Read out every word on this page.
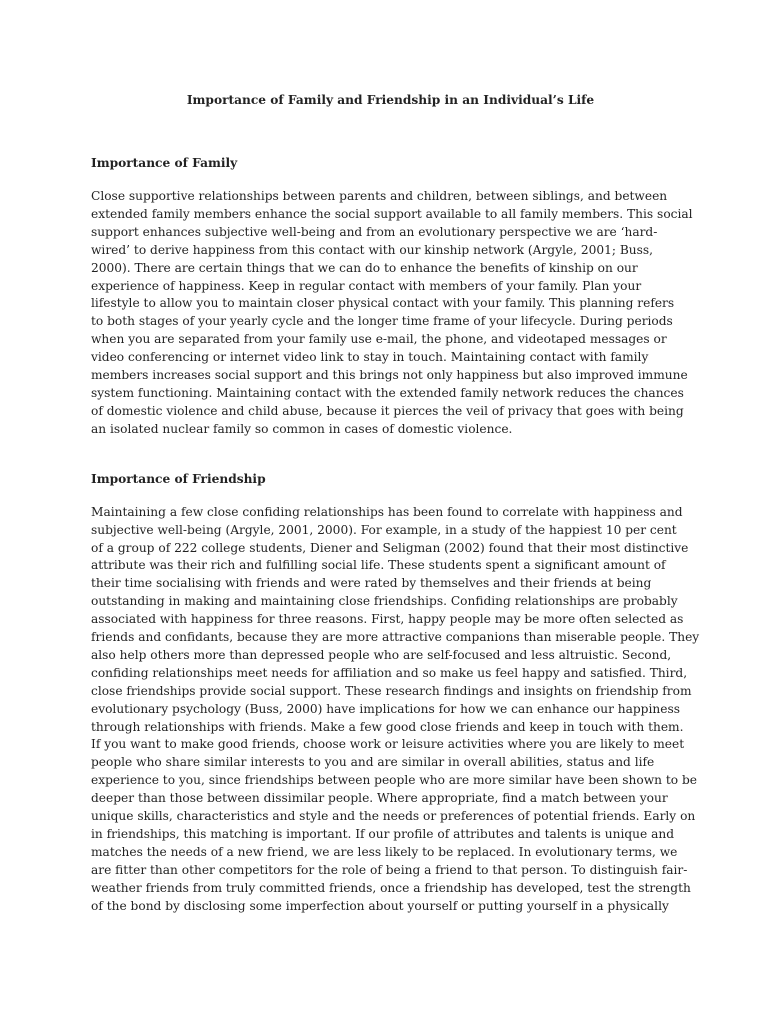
Importance of Family and Friendship in an Individual’s Life
Importance of Family
Close supportive relationships between parents and children, between siblings, and between
extended family members enhance the social support available to all family members. This social
support enhances subjective well-being and from an evolutionary perspective we are ‘hard-
wired’ to derive happiness from this contact with our kinship network (Argyle, 2001; Buss,
2000). There are certain things that we can do to enhance the benefits of kinship on our
experience of happiness. Keep in regular contact with members of your family. Plan your
lifestyle to allow you to maintain closer physical contact with your family. This planning refers
to both stages of your yearly cycle and the longer time frame of your lifecycle. During periods
when you are separated from your family use e-mail, the phone, and videotaped messages or
video conferencing or internet video link to stay in touch. Maintaining contact with family
members increases social support and this brings not only happiness but also improved immune
system functioning. Maintaining contact with the extended family network reduces the chances
of domestic violence and child abuse, because it pierces the veil of privacy that goes with being
an isolated nuclear family so common in cases of domestic violence.
Importance of Friendship
Maintaining a few close confiding relationships has been found to correlate with happiness and
subjective well-being (Argyle, 2001, 2000). For example, in a study of the happiest 10 per cent
of a group of 222 college students, Diener and Seligman (2002) found that their most distinctive
attribute was their rich and fulfilling social life. These students spent a significant amount of
their time socialising with friends and were rated by themselves and their friends at being
outstanding in making and maintaining close friendships. Confiding relationships are probably
associated with happiness for three reasons. First, happy people may be more often selected as
friends and confidants, because they are more attractive companions than miserable people. They
also help others more than depressed people who are self-focused and less altruistic. Second,
confiding relationships meet needs for affiliation and so make us feel happy and satisfied. Third,
close friendships provide social support. These research findings and insights on friendship from
evolutionary psychology (Buss, 2000) have implications for how we can enhance our happiness
through relationships with friends. Make a few good close friends and keep in touch with them.
If you want to make good friends, choose work or leisure activities where you are likely to meet
people who share similar interests to you and are similar in overall abilities, status and life
experience to you, since friendships between people who are more similar have been shown to be
deeper than those between dissimilar people. Where appropriate, find a match between your
unique skills, characteristics and style and the needs or preferences of potential friends. Early on
in friendships, this matching is important. If our profile of attributes and talents is unique and
matches the needs of a new friend, we are less likely to be replaced. In evolutionary terms, we
are fitter than other competitors for the role of being a friend to that person. To distinguish fair-
weather friends from truly committed friends, once a friendship has developed, test the strength
of the bond by disclosing some imperfection about yourself or putting yourself in a physically
